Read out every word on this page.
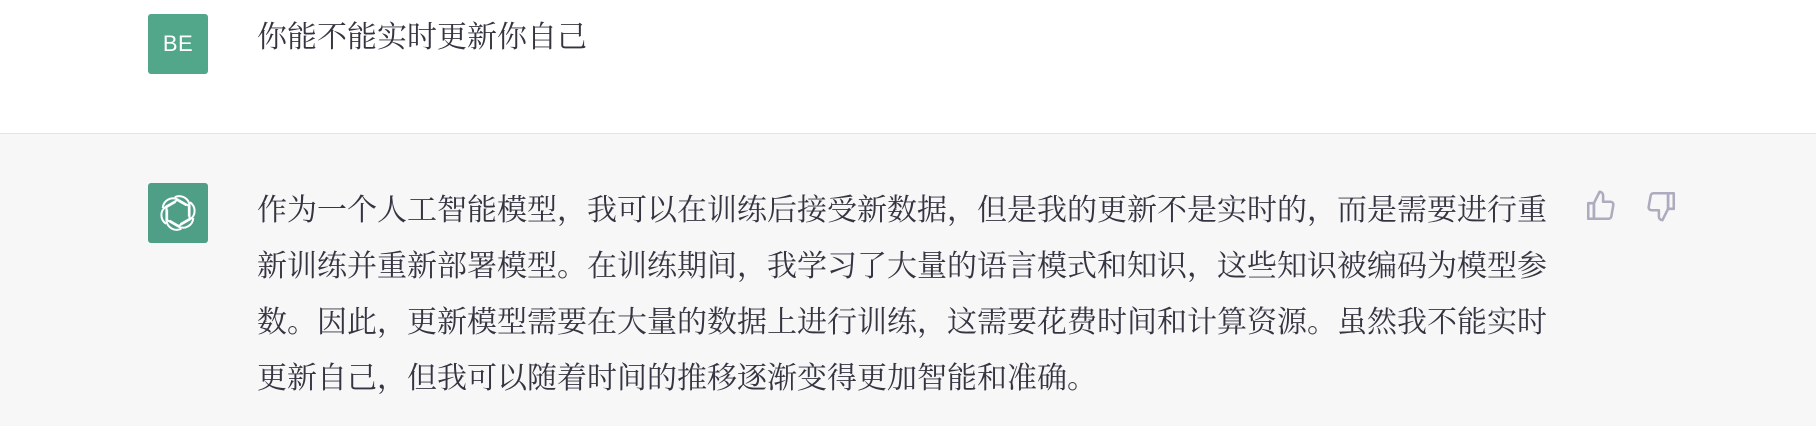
BE 你能不能实时更新你自己
作为一个人工智能模型，我可以在训练后接受新数据，但是我的更新不是实时的，而是需要进行重新训练并重新部署模型。在训练期间，我学习了大量的语言模式和知识，这些知识被编码为模型参数。因此，更新模型需要在大量的数据上进行训练，这需要花费时间和计算资源。虽然我不能实时更新自己，但我可以随着时间的推移逐渐变得更加智能和准确。
